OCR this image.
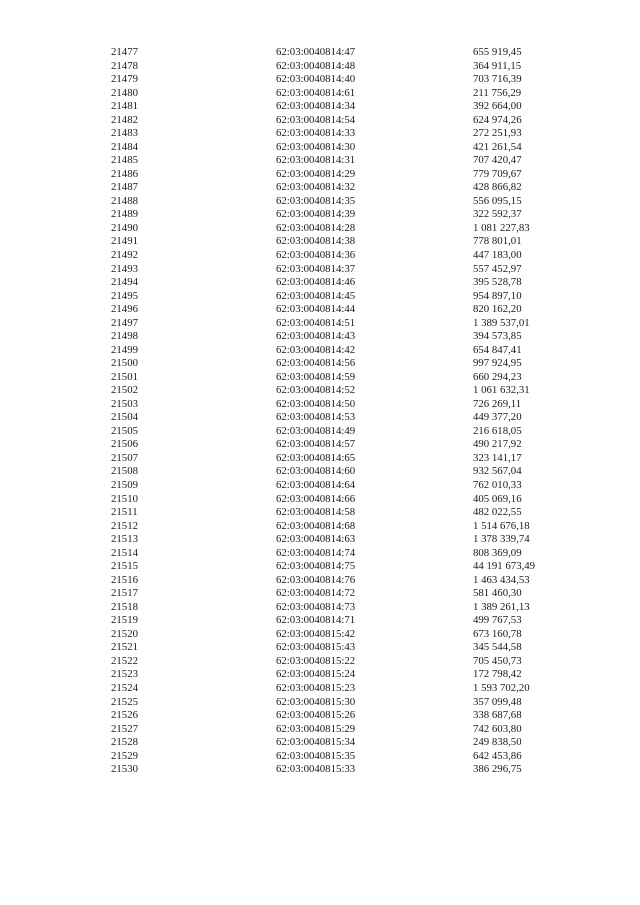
21477	62:03:0040814:47	655 919,45
21478	62:03:0040814:48	364 911,15
21479	62:03:0040814:40	703 716,39
21480	62:03:0040814:61	211 756,29
21481	62:03:0040814:34	392 664,00
21482	62:03:0040814:54	624 974,26
21483	62:03:0040814:33	272 251,93
21484	62:03:0040814:30	421 261,54
21485	62:03:0040814:31	707 420,47
21486	62:03:0040814:29	779 709,67
21487	62:03:0040814:32	428 866,82
21488	62:03:0040814:35	556 095,15
21489	62:03:0040814:39	322 592,37
21490	62:03:0040814:28	1 081 227,83
21491	62:03:0040814:38	778 801,01
21492	62:03:0040814:36	447 183,00
21493	62:03:0040814:37	557 452,97
21494	62:03:0040814:46	395 528,78
21495	62:03:0040814:45	954 897,10
21496	62:03:0040814:44	820 162,20
21497	62:03:0040814:51	1 389 537,01
21498	62:03:0040814:43	394 573,85
21499	62:03:0040814:42	654 847,41
21500	62:03:0040814:56	997 924,95
21501	62:03:0040814:59	660 294,23
21502	62:03:0040814:52	1 061 632,31
21503	62:03:0040814:50	726 269,11
21504	62:03:0040814:53	449 377,20
21505	62:03:0040814:49	216 618,05
21506	62:03:0040814:57	490 217,92
21507	62:03:0040814:65	323 141,17
21508	62:03:0040814:60	932 567,04
21509	62:03:0040814:64	762 010,33
21510	62:03:0040814:66	405 069,16
21511	62:03:0040814:58	482 022,55
21512	62:03:0040814:68	1 514 676,18
21513	62:03:0040814:63	1 378 339,74
21514	62:03:0040814:74	808 369,09
21515	62:03:0040814:75	44 191 673,49
21516	62:03:0040814:76	1 463 434,53
21517	62:03:0040814:72	581 460,30
21518	62:03:0040814:73	1 389 261,13
21519	62:03:0040814:71	499 767,53
21520	62:03:0040815:42	673 160,78
21521	62:03:0040815:43	345 544,58
21522	62:03:0040815:22	705 450,73
21523	62:03:0040815:24	172 798,42
21524	62:03:0040815:23	1 593 702,20
21525	62:03:0040815:30	357 099,48
21526	62:03:0040815:26	338 687,68
21527	62:03:0040815:29	742 603,80
21528	62:03:0040815:34	249 838,50
21529	62:03:0040815:35	642 453,86
21530	62:03:0040815:33	386 296,75
